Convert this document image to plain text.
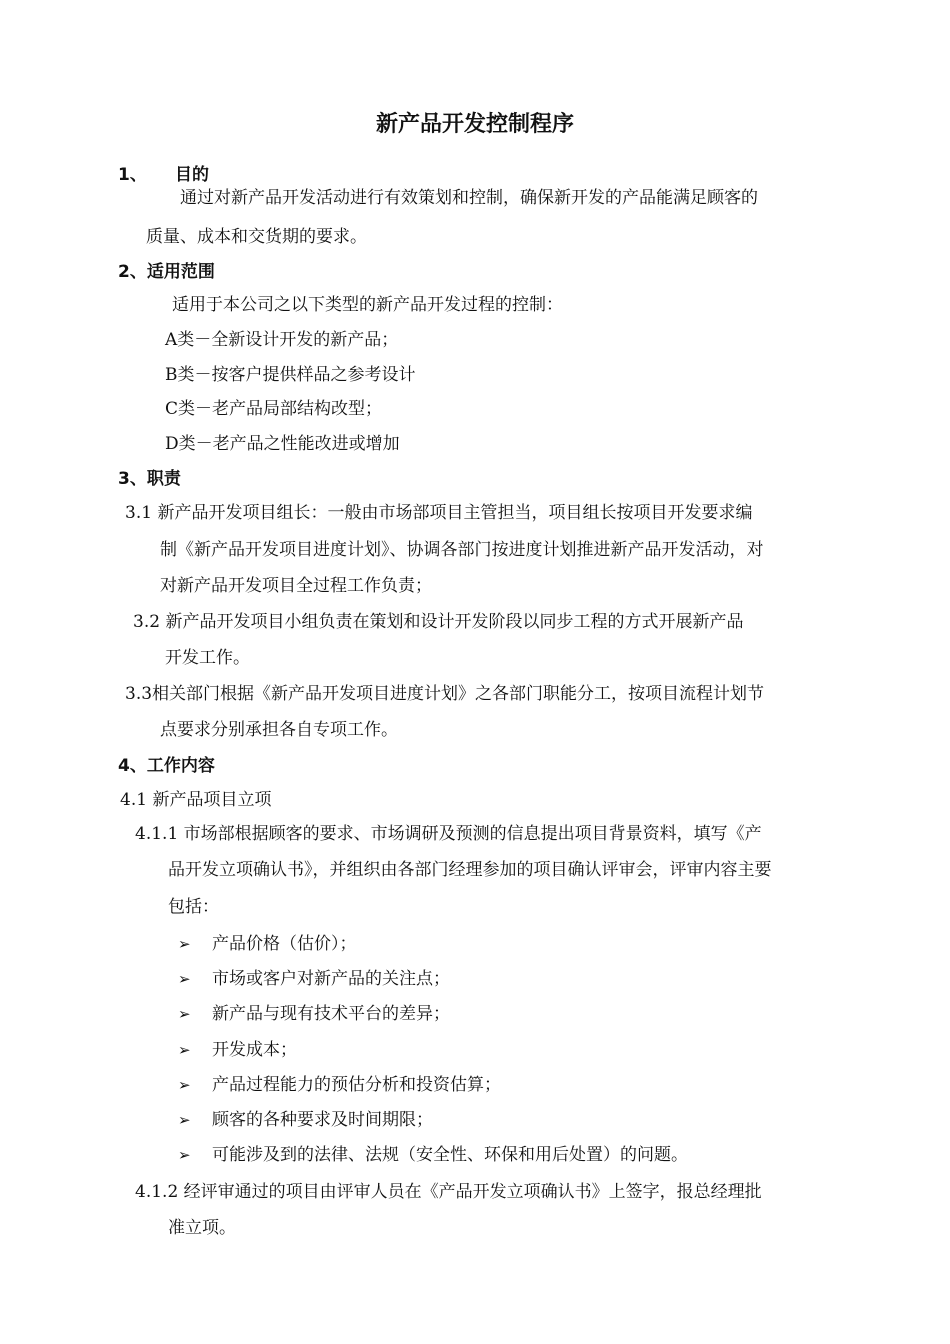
新产品开发控制程序
1、 目的
通过对新产品开发活动进行有效策划和控制，确保新开发的产品能满足顾客的
质量、成本和交货期的要求。
2、适用范围
适用于本公司之以下类型的新产品开发过程的控制：
A类－全新设计开发的新产品；
B类－按客户提供样品之参考设计
C类－老产品局部结构改型；
D类－老产品之性能改进或增加
3、职责
3.1 新产品开发项目组长：一般由市场部项目主管担当，项目组长按项目开发要求编
制《新产品开发项目进度计划》、协调各部门按进度计划推进新产品开发活动，对
对新产品开发项目全过程工作负责；
3.2 新产品开发项目小组负责在策划和设计开发阶段以同步工程的方式开展新产品
开发工作。
3.3相关部门根据《新产品开发项目进度计划》之各部门职能分工，按项目流程计划节
点要求分别承担各自专项工作。
4、工作内容
4.1 新产品项目立项
4.1.1 市场部根据顾客的要求、市场调研及预测的信息提出项目背景资料，填写《产
品开发立项确认书》，并组织由各部门经理参加的项目确认评审会，评审内容主要
包括：
➢ 产品价格（估价）；
➢ 市场或客户对新产品的关注点；
➢ 新产品与现有技术平台的差异；
➢ 开发成本；
➢ 产品过程能力的预估分析和投资估算；
➢ 顾客的各种要求及时间期限；
➢ 可能涉及到的法律、法规（安全性、环保和用后处置）的问题。
4.1.2 经评审通过的项目由评审人员在《产品开发立项确认书》上签字，报总经理批
准立项。
